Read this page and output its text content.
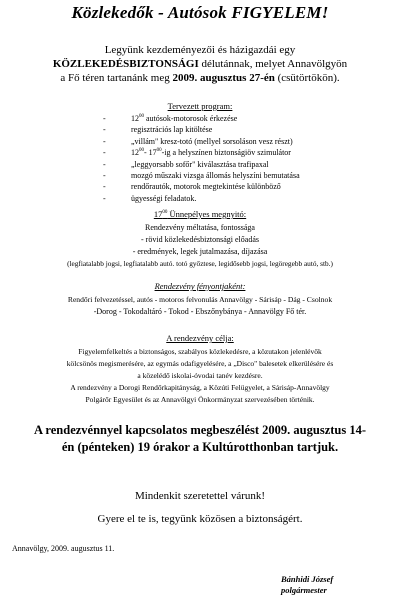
Közlekedők - Autósok FIGYELEM!
Legyünk kezdeményezői és házigazdái egy
KÖZLEKEDÉSBIZTONSÁGI délutánnak, melyet Annavölgyön
a Fő téren tartanánk meg 2009. augusztus 27-én (csütörtökön).
Tervezett program:
- $12^{00}$ autósok-motorosok érkezése
- regisztrációs lap kitöltése
- „villám" kresz-totó (mellyel sorsoláson vesz részt)
- $12^{00}-$ $17^{00}-ig$ a helyszínen biztonságiöv szimulátor
- „leggyorsabb sofőr" kiválasztása trafipaxal
- mozgó műszaki vizsga állomás helyszíni bemutatása
- rendőrautók, motorok megtekintése különböző
- ügyességi feladatok.
$17^{00}$ Ünnepélyes megnyitó:
Rendezvény méltatása, fontossága
- rövid közlekedésbiztonsági előadás
- eredmények, legek jutalmazása, díjazása
(legfiatalabb jogsi, legfiatalabb autó. totó győztese, legidősebb jogsi, legöregebb autó, stb.)
Rendezvény fényontjaként:
Rendőri felvezetéssel, autós - motoros felvonulás Annavölgy - Sárisáp - Dág - Csolnok
-Dorog - Tokodaltáró - Tokod - Ebszőnybánya - Annavölgy Fő tér.
A rendezvény célja:
Figyelemfelkeltés a biztonságos, szabályos közlekedésre, a közutakon jelenlévők
kölcsönös megismerésére, az egymás odafigyelésére, a „Disco" balesetek elkerülésére és
a közelédő iskolai-óvodai tanév kezdésre.
A rendezvény a Dorogi Rendőrkapitányság, a Közúti Felügyelet, a Sárisáp-Annavölgy
Polgárőr Egyesület és az Annavölgyi Önkormányzat szervezésében történik.
A rendezvénnyel kapcsolatos megbeszélést 2009. augusztus 14-
én (pénteken) 19 órakor a Kultúrotthonban tartjuk.
Mindenkit szeretettel várunk!
Gyere el te is, tegyünk közösen a biztonságért.
Annavölgy, 2009. augusztus 11.
Bánhidi József
polgármester
